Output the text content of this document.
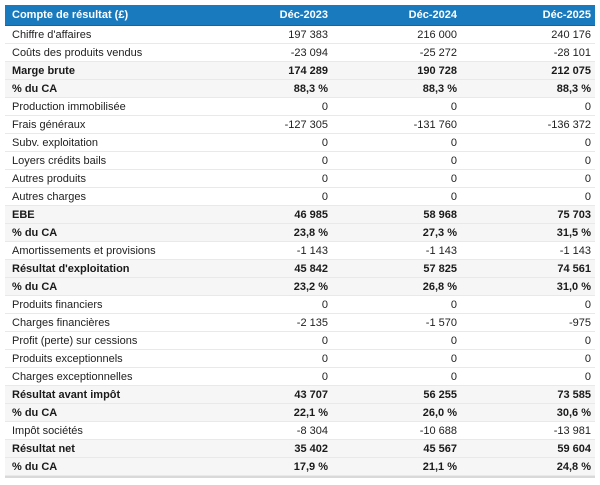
Compte de résultat (£)	Déc-2023	Déc-2024	Déc-2025
Chiffre d'affaires	197 383	216 000	240 176
Coûts des produits vendus	-23 094	-25 272	-28 101
Marge brute	174 289	190 728	212 075
% du CA	88,3 %	88,3 %	88,3 %
Production immobilisée	0	0	0
Frais généraux	-127 305	-131 760	-136 372
Subv. exploitation	0	0	0
Loyers crédits bails	0	0	0
Autres produits	0	0	0
Autres charges	0	0	0
EBE	46 985	58 968	75 703
% du CA	23,8 %	27,3 %	31,5 %
Amortissements et provisions	-1 143	-1 143	-1 143
Résultat d'exploitation	45 842	57 825	74 561
% du CA	23,2 %	26,8 %	31,0 %
Produits financiers	0	0	0
Charges financières	-2 135	-1 570	-975
Profit (perte) sur cessions	0	0	0
Produits exceptionnels	0	0	0
Charges exceptionnelles	0	0	0
Résultat avant impôt	43 707	56 255	73 585
% du CA	22,1 %	26,0 %	30,6 %
Impôt sociétés	-8 304	-10 688	-13 981
Résultat net	35 402	45 567	59 604
% du CA	17,9 %	21,1 %	24,8 %
